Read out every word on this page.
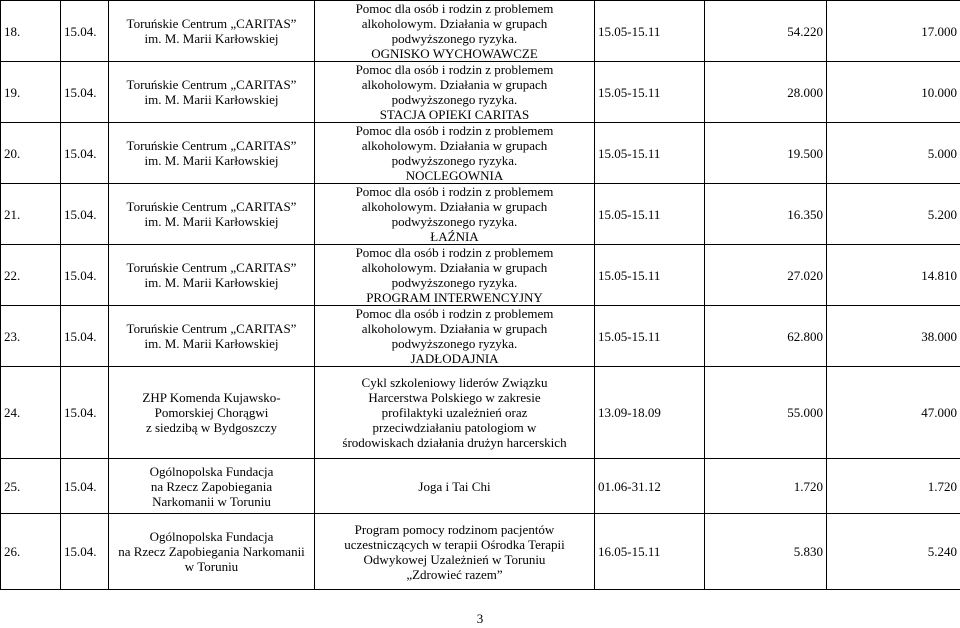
18.	15.04.	Toruńskie Centrum „CARITAS”
im. M. Marii Karłowskiej	Pomoc dla osób i rodzin z problemem
alkoholowym. Działania w grupach
podwyższonego ryzyka.
OGNISKO WYCHOWAWCZE	15.05-15.11	54.220	17.000
19.	15.04.	Toruńskie Centrum „CARITAS”
im. M. Marii Karłowskiej	Pomoc dla osób i rodzin z problemem
alkoholowym. Działania w grupach
podwyższonego ryzyka.
STACJA OPIEKI CARITAS	15.05-15.11	28.000	10.000
20.	15.04.	Toruńskie Centrum „CARITAS”
im. M. Marii Karłowskiej	Pomoc dla osób i rodzin z problemem
alkoholowym. Działania w grupach
podwyższonego ryzyka.
NOCLEGOWNIA	15.05-15.11	19.500	5.000
21.	15.04.	Toruńskie Centrum „CARITAS”
im. M. Marii Karłowskiej	Pomoc dla osób i rodzin z problemem
alkoholowym. Działania w grupach
podwyższonego ryzyka.
ŁAŹNIA	15.05-15.11	16.350	5.200
22.	15.04.	Toruńskie Centrum „CARITAS”
im. M. Marii Karłowskiej	Pomoc dla osób i rodzin z problemem
alkoholowym. Działania w grupach
podwyższonego ryzyka.
PROGRAM INTERWENCYJNY	15.05-15.11	27.020	14.810
23.	15.04.	Toruńskie Centrum „CARITAS”
im. M. Marii Karłowskiej	Pomoc dla osób i rodzin z problemem
alkoholowym. Działania w grupach
podwyższonego ryzyka.
JADŁODAJNIA	15.05-15.11	62.800	38.000
24.	15.04.	ZHP Komenda Kujawsko-
Pomorskiej Chorągwi
z siedzibą w Bydgoszczy	Cykl szkoleniowy liderów Związku
Harcerstwa Polskiego w zakresie
profilaktyki uzależnień oraz
przeciwdziałaniu patologiom w
środowiskach działania drużyn harcerskich	13.09-18.09	55.000	47.000
25.	15.04.	Ogólnopolska Fundacja
na Rzecz Zapobiegania
Narkomanii w Toruniu	Joga i Tai Chi	01.06-31.12	1.720	1.720
26.	15.04.	Ogólnopolska Fundacja
na Rzecz Zapobiegania Narkomanii
w Toruniu	Program pomocy rodzinom pacjentów
uczestniczących w terapii Ośrodka Terapii
Odwykowej Uzależnień w Toruniu
„Zdrowieć razem”	16.05-15.11	5.830	5.240
3
